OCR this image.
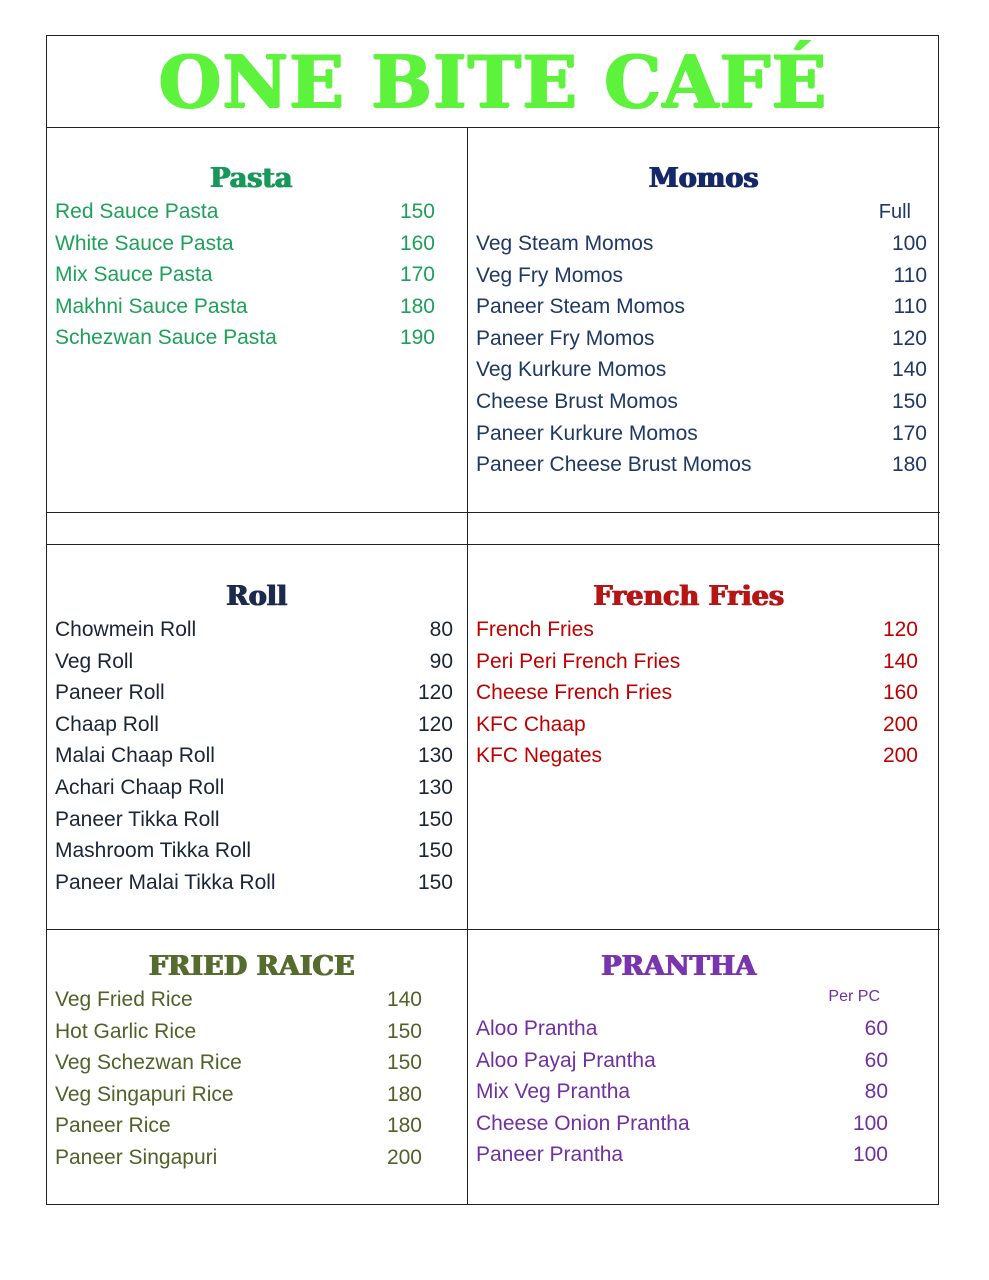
ONE BITE CAFÉ
Pasta
Red Sauce Pasta	150
White Sauce Pasta	160
Mix Sauce Pasta	170
Makhni Sauce Pasta	180
Schezwan Sauce Pasta	190
Momos
Full
Veg Steam Momos	100
Veg Fry Momos	110
Paneer Steam Momos	110
Paneer Fry Momos	120
Veg Kurkure Momos	140
Cheese Brust Momos	150
Paneer Kurkure Momos	170
Paneer Cheese Brust Momos	180
Roll
Chowmein Roll	80
Veg Roll	90
Paneer Roll	120
Chaap Roll	120
Malai Chaap Roll	130
Achari Chaap Roll	130
Paneer Tikka Roll	150
Mashroom Tikka Roll	150
Paneer Malai Tikka Roll	150
French Fries
French Fries	120
Peri Peri French Fries	140
Cheese French Fries	160
KFC Chaap	200
KFC Negates	200
FRIED RAICE
Veg Fried Rice	140
Hot Garlic Rice	150
Veg Schezwan Rice	150
Veg Singapuri Rice	180
Paneer Rice	180
Paneer Singapuri	200
PRANTHA
Per PC
Aloo Prantha	60
Aloo Payaj Prantha	60
Mix Veg Prantha	80
Cheese Onion Prantha	100
Paneer Prantha	100
